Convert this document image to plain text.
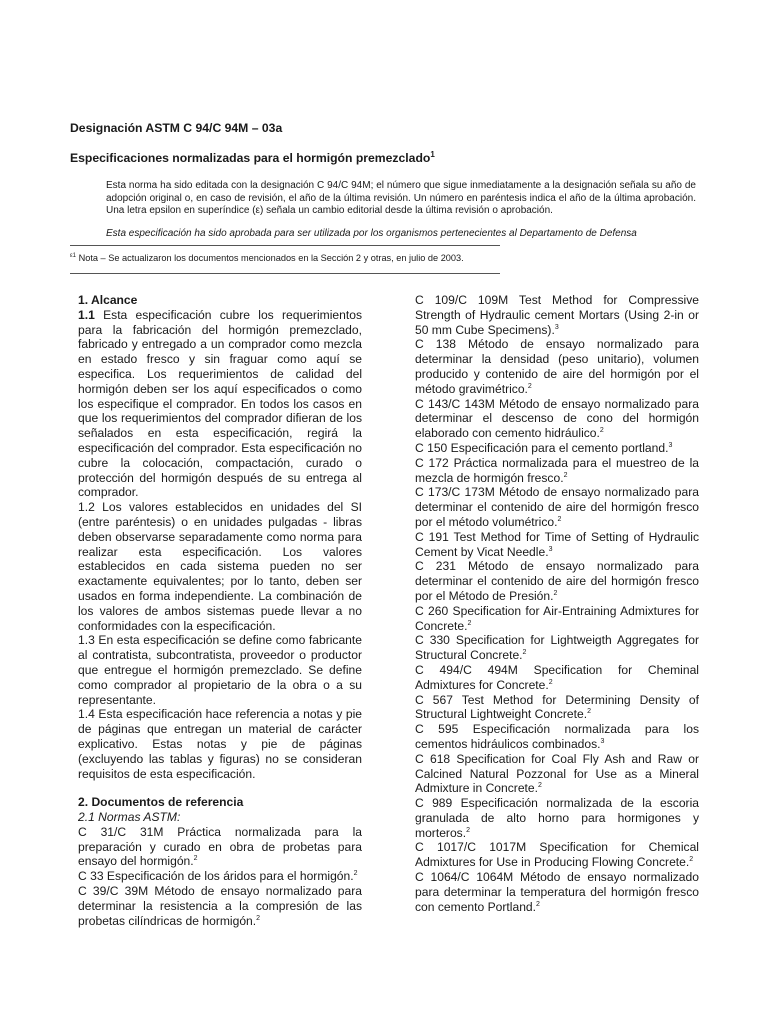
Designación ASTM C 94/C 94M – 03a
Especificaciones normalizadas para el hormigón premezclado$^1$
Esta norma ha sido editada con la designación C 94/C 94M; el número que sigue inmediatamente a la designación señala su año de adopción original o, en caso de revisión, el año de la última revisión. Un número en paréntesis indica el año de la última aprobación. Una letra epsilon en superíndice (ε) señala un cambio editorial desde la última revisión o aprobación.
Esta especificación ha sido aprobada para ser utilizada por los organismos pertenecientes al Departamento de Defensa
$^{\varepsilon 1}$ Nota – Se actualizaron los documentos mencionados en la Sección 2 y otras, en julio de 2003.

1. Alcance

1.1 Esta especificación cubre los requerimientos para la fabricación del hormigón premezclado, fabricado y entregado a un comprador como mezcla en estado fresco y sin fraguar como aquí se especifica. Los requerimientos de calidad del hormigón deben ser los aquí especificados o como los especifique el comprador. En todos los casos en que los requerimientos del comprador difieran de los señalados en esta especificación, regirá la especificación del comprador. Esta especificación no cubre la colocación, compactación, curado o protección del hormigón después de su entrega al comprador.

1.2 Los valores establecidos en unidades del SI (entre paréntesis) o en unidades pulgadas - libras deben observarse separadamente como norma para realizar esta especificación. Los valores establecidos en cada sistema pueden no ser exactamente equivalentes; por lo tanto, deben ser usados en forma independiente. La combinación de los valores de ambos sistemas puede llevar a no conformidades con la especificación.

1.3 En esta especificación se define como fabricante al contratista, subcontratista, proveedor o productor que entregue el hormigón premezclado. Se define como comprador al propietario de la obra o a su representante.

1.4 Esta especificación hace referencia a notas y pie de páginas que entregan un material de carácter explicativo. Estas notas y pie de páginas (excluyendo las tablas y figuras) no se consideran requisitos de esta especificación.

2. Documentos de referencia

2.1 Normas ASTM:

C 31/C 31M Práctica normalizada para la preparación y curado en obra de probetas para ensayo del hormigón.$^2$

C 33 Especificación de los áridos para el hormigón.$^2$

C 39/C 39M Método de ensayo normalizado para determinar la resistencia a la compresión de las probetas cilíndricas de hormigón.$^2$

C 109/C 109M Test Method for Compressive Strength of Hydraulic cement Mortars (Using 2-in or 50 mm Cube Specimens).$^3$

C 138 Método de ensayo normalizado para determinar la densidad (peso unitario), volumen producido y contenido de aire del hormigón por el método gravimétrico.$^2$

C 143/C 143M Método de ensayo normalizado para determinar el descenso de cono del hormigón elaborado con cemento hidráulico.$^2$

C 150 Especificación para el cemento portland.$^3$

C 172 Práctica normalizada para el muestreo de la mezcla de hormigón fresco.$^2$

C 173/C 173M Método de ensayo normalizado para determinar el contenido de aire del hormigón fresco por el método volumétrico.$^2$

C 191 Test Method for Time of Setting of Hydraulic Cement by Vicat Needle.$^3$

C 231 Método de ensayo normalizado para determinar el contenido de aire del hormigón fresco por el Método de Presión.$^2$

C 260 Specification for Air-Entraining Admixtures for Concrete.$^2$

C 330 Specification for Lightweigth Aggregates for Structural Concrete.$^2$

C 494/C 494M Specification for Cheminal Admixtures for Concrete.$^2$

C 567 Test Method for Determining Density of Structural Lightweight Concrete.$^2$

C 595 Especificación normalizada para los cementos hidráulicos combinados.$^3$

C 618 Specification for Coal Fly Ash and Raw or Calcined Natural Pozzonal for Use as a Mineral Admixture in Concrete.$^2$

C 989 Especificación normalizada de la escoria granulada de alto horno para hormigones y morteros.$^2$

C 1017/C 1017M Specification for Chemical Admixtures for Use in Producing Flowing Concrete.$^2$

C 1064/C 1064M Método de ensayo normalizado para determinar la temperatura del hormigón fresco con cemento Portland.$^2$
